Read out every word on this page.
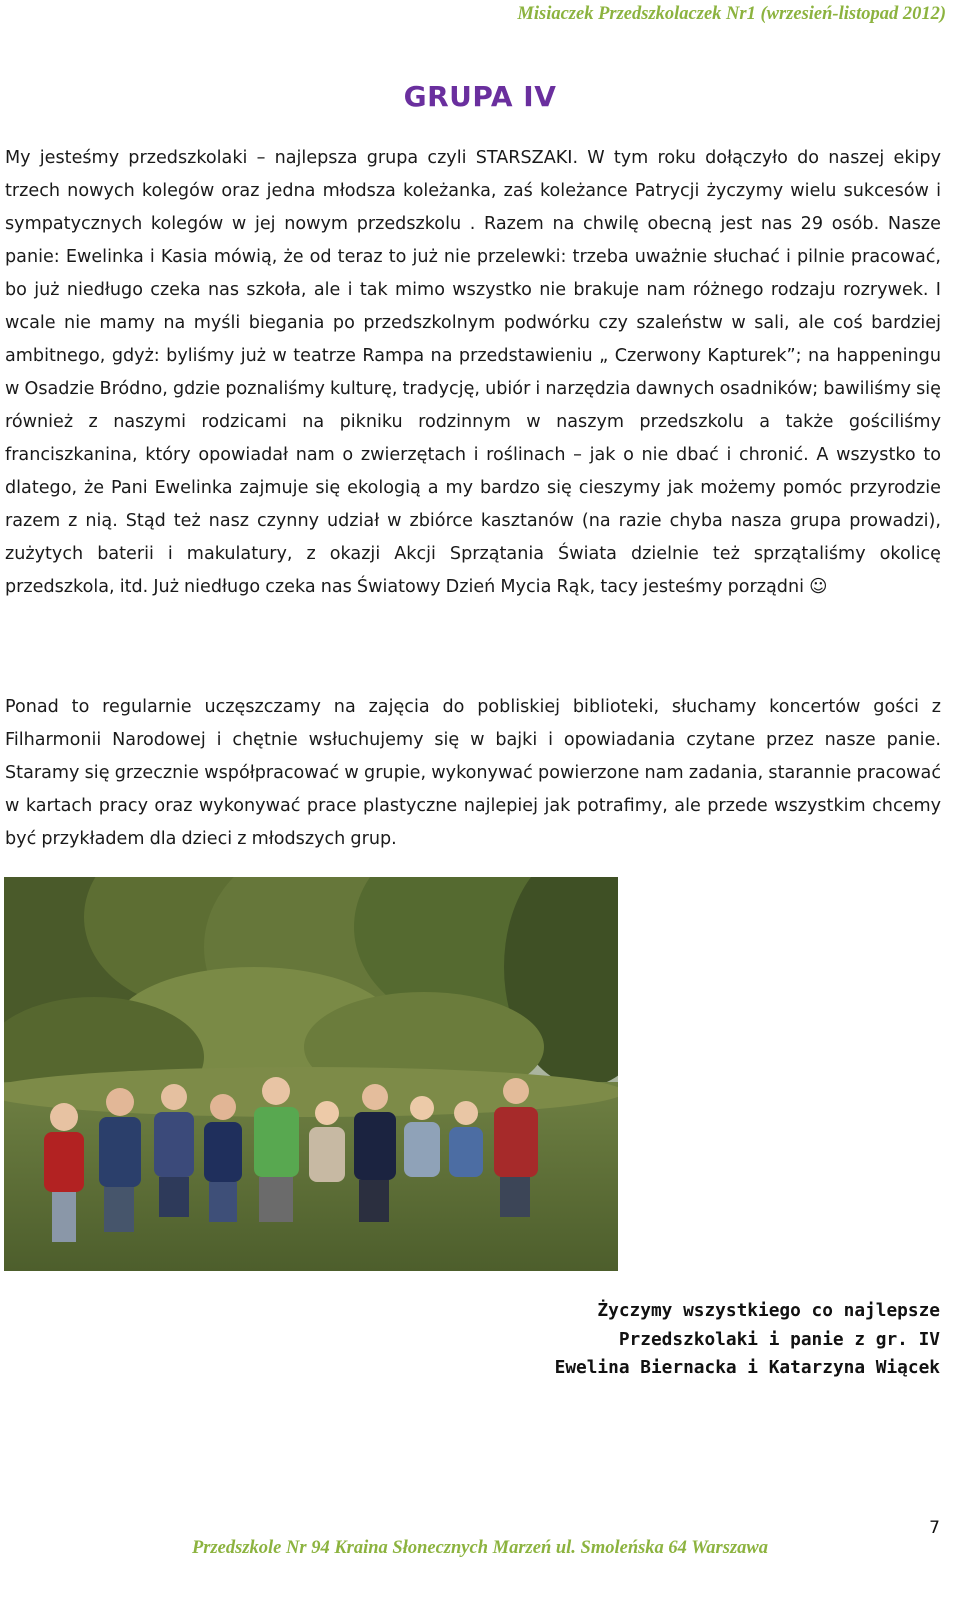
Misiaczek Przedszkolaczek Nr1 (wrzesień-listopad 2012)
GRUPA IV

My jesteśmy przedszkolaki – najlepsza grupa czyli STARSZAKI. W tym roku dołączyło do naszej ekipy trzech nowych kolegów oraz jedna młodsza koleżanka, zaś koleżance Patrycji życzymy wielu sukcesów i sympatycznych kolegów w jej nowym przedszkolu . Razem na chwilę obecną jest nas 29 osób. Nasze panie: Ewelinka i Kasia mówią, że od teraz to już nie przelewki: trzeba uważnie słuchać i pilnie pracować, bo już niedługo czeka nas szkoła, ale i tak mimo wszystko nie brakuje nam różnego rodzaju rozrywek. I wcale nie mamy na myśli biegania po przedszkolnym podwórku czy szaleństw w sali, ale coś bardziej ambitnego, gdyż: byliśmy już w teatrze Rampa na przedstawieniu „ Czerwony Kapturek”; na happeningu w Osadzie Bródno, gdzie poznaliśmy kulturę, tradycję, ubiór i narzędzia dawnych osadników; bawiliśmy się również z naszymi rodzicami na pikniku rodzinnym w naszym przedszkolu a także gościliśmy franciszkanina, który opowiadał nam o zwierzętach i roślinach – jak o nie dbać i chronić. A wszystko to dlatego, że Pani Ewelinka zajmuje się ekologią a my bardzo się cieszymy jak możemy pomóc przyrodzie razem z nią. Stąd też nasz czynny udział w zbiórce kasztanów (na razie chyba nasza grupa prowadzi), zużytych baterii i makulatury, z okazji Akcji Sprzątania Świata dzielnie też sprzątaliśmy okolicę przedszkola, itd. Już niedługo czeka nas Światowy Dzień Mycia Rąk, tacy jesteśmy porządni ☺

Ponad to regularnie uczęszczamy na zajęcia do pobliskiej biblioteki, słuchamy koncertów gości z Filharmonii Narodowej i chętnie wsłuchujemy się w bajki i opowiadania czytane przez nasze panie. Staramy się grzecznie współpracować w grupie, wykonywać powierzone nam zadania, starannie pracować w kartach pracy oraz wykonywać prace plastyczne najlepiej jak potrafimy, ale przede wszystkim chcemy być przykładem dla dzieci z młodszych grup.

Życzymy wszystkiego co najlepsze
Przedszkolaki i panie z gr. IV
Ewelina Biernacka i Katarzyna Wiącek
7
Przedszkole Nr 94 Kraina Słonecznych Marzeń ul. Smoleńska 64 Warszawa
